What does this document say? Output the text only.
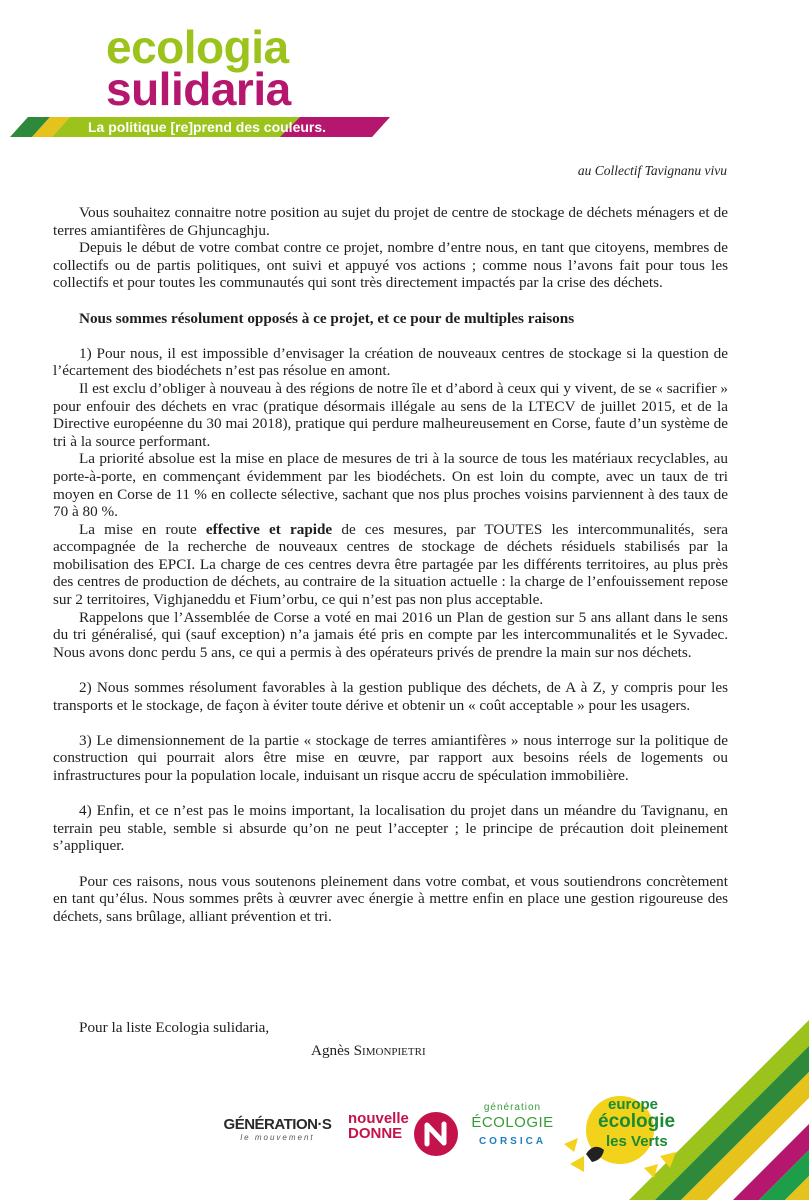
ecologia
sulidaria
La politique [re]prend des couleurs.
au Collectif Tavignanu vivu

Vous souhaitez connaitre notre position au sujet du projet de centre de stockage de déchets ménagers et de terres amiantifères de Ghjuncaghju.

Depuis le début de votre combat contre ce projet, nombre d’entre nous, en tant que citoyens, membres de collectifs ou de partis politiques, ont suivi et appuyé vos actions ; comme nous l’avons fait pour tous les collectifs et pour toutes les communautés qui sont très directement impactés par la crise des déchets.

Nous sommes résolument opposés à ce projet, et ce pour de multiples raisons

1) Pour nous, il est impossible d’envisager la création de nouveaux centres de stockage si la question de l’écartement des biodéchets n’est pas résolue en amont.

Il est exclu d’obliger à nouveau à des régions de notre île et d’abord à ceux qui y vivent, de se « sacrifier » pour enfouir des déchets en vrac (pratique désormais illégale au sens de la LTECV de juillet 2015, et de la Directive européenne du 30 mai 2018), pratique qui perdure malheureusement en Corse, faute d’un système de tri à la source performant.

La priorité absolue est la mise en place de mesures de tri à la source de tous les matériaux recyclables, au porte-à-porte, en commençant évidemment par les biodéchets. On est loin du compte, avec un taux de tri moyen en Corse de 11 % en collecte sélective, sachant que nos plus proches voisins parviennent à des taux de 70 à 80 %.

La mise en route effective et rapide de ces mesures, par TOUTES les intercommunalités, sera accompagnée de la recherche de nouveaux centres de stockage de déchets résiduels stabilisés par la mobilisation des EPCI. La charge de ces centres devra être partagée par les différents territoires, au plus près des centres de production de déchets, au contraire de la situation actuelle : la charge de l’enfouissement repose sur 2 territoires, Vighjaneddu et Fium’orbu, ce qui n’est pas non plus acceptable.

Rappelons que l’Assemblée de Corse a voté en mai 2016 un Plan de gestion sur 5 ans allant dans le sens du tri généralisé, qui (sauf exception) n’a jamais été pris en compte par les intercommunalités et le Syvadec. Nous avons donc perdu 5 ans, ce qui a permis à des opérateurs privés de prendre la main sur nos déchets.

2) Nous sommes résolument favorables à la gestion publique des déchets, de A à Z, y compris pour les transports et le stockage, de façon à éviter toute dérive et obtenir un « coût acceptable » pour les usagers.

3) Le dimensionnement de la partie « stockage de terres amiantifères » nous interroge sur la politique de construction qui pourrait alors être mise en œuvre, par rapport aux besoins réels de logements ou infrastructures pour la population locale, induisant un risque accru de spéculation immobilière.

4) Enfin, et ce n’est pas le moins important, la localisation du projet dans un méandre du Tavignanu, en terrain peu stable, semble si absurde qu’on ne peut l’accepter ; le principe de précaution doit pleinement s’appliquer.

Pour ces raisons, nous vous soutenons pleinement dans votre combat, et vous soutiendrons concrètement en tant qu’élus. Nous sommes prêts à œuvrer avec énergie à mettre enfin en place une gestion rigoureuse des déchets, sans brûlage, alliant prévention et tri.

Pour la liste Ecologia sulidaria,
Agnès Simonpietri
GÉNÉRATION·S
le mouvement
nouvelle
DONNE
génération
ÉCOLOGIE
CORSICA
europe
écologie
les Verts
